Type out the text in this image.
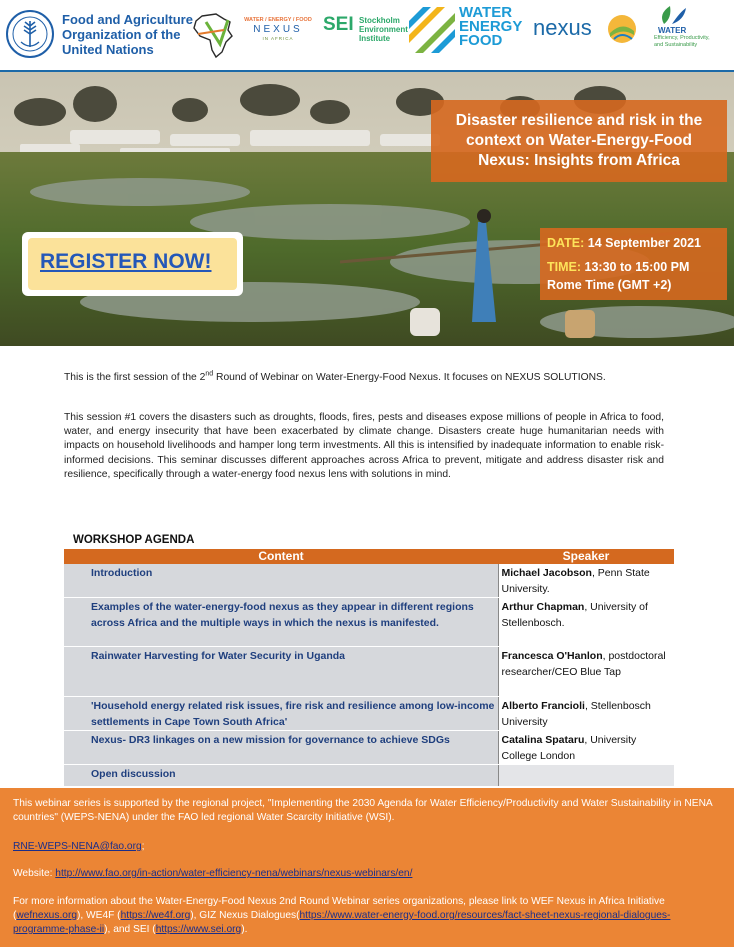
Food and Agriculture
Organization of the
United Nations
WATER / ENERGY / FOOD
NEXUS
IN AFRICA
SEI Stockholm
Environment
Institute
WATER
ENERGY
FOOD
nexus	WATER
Efficiency, Productivity,
and Sustainability
Disaster resilience and risk in the context on Water-Energy-Food Nexus: Insights from Africa
REGISTER NOW!
DATE: 14 September 2021
TIME: 13:30 to 15:00 PM
Rome Time (GMT +2)

This is the first session of the 2nd Round of Webinar on Water-Energy-Food Nexus. It focuses on NEXUS SOLUTIONS.

This session #1 covers the disasters such as droughts, floods, fires, pests and diseases expose millions of people in Africa to food, water, and energy insecurity that have been exacerbated by climate change. Disasters create huge humanitarian needs with impacts on household livelihoods and hamper long term investments. All this is intensified by inadequate information to enable risk-informed decisions. This seminar discusses different approaches across Africa to prevent, mitigate and address disaster risk and resilience, specifically through a water-energy food nexus lens with solutions in mind.

WORKSHOP AGENDA
Content	Speaker
Introduction	Michael Jacobson, Penn State University.
Examples of the water-energy-food nexus as they appear in different regions across Africa and the multiple ways in which the nexus is manifested.	Arthur Chapman, University of Stellenbosch.
Rainwater Harvesting for Water Security in Uganda	Francesca O'Hanlon, postdoctoral researcher/CEO Blue Tap
'Household energy related risk issues, fire risk and resilience among low-income settlements in Cape Town South Africa'	Alberto Francioli, Stellenbosch University
Nexus- DR3 linkages on a new mission for governance to achieve SDGs	Catalina Spataru, University College London
Open discussion	

This webinar series is supported by the regional project, "Implementing the 2030 Agenda for Water Efficiency/Productivity and Water Sustainability in NENA countries" (WEPS-NENA) under the FAO led regional Water Scarcity Initiative (WSI).

RNE-WEPS-NENA@fao.org;

Website: http://www.fao.org/in-action/water-efficiency-nena/webinars/nexus-webinars/en/

For more information about the Water-Energy-Food Nexus 2nd Round Webinar series organizations, please link to WEF Nexus in Africa Initiative (wefnexus.org), WE4F (https://we4f.org), GIZ Nexus Dialogues(https://www.water-energy-food.org/resources/fact-sheet-nexus-regional-dialogues-programme-phase-ii), and SEI (https://www.sei.org).
